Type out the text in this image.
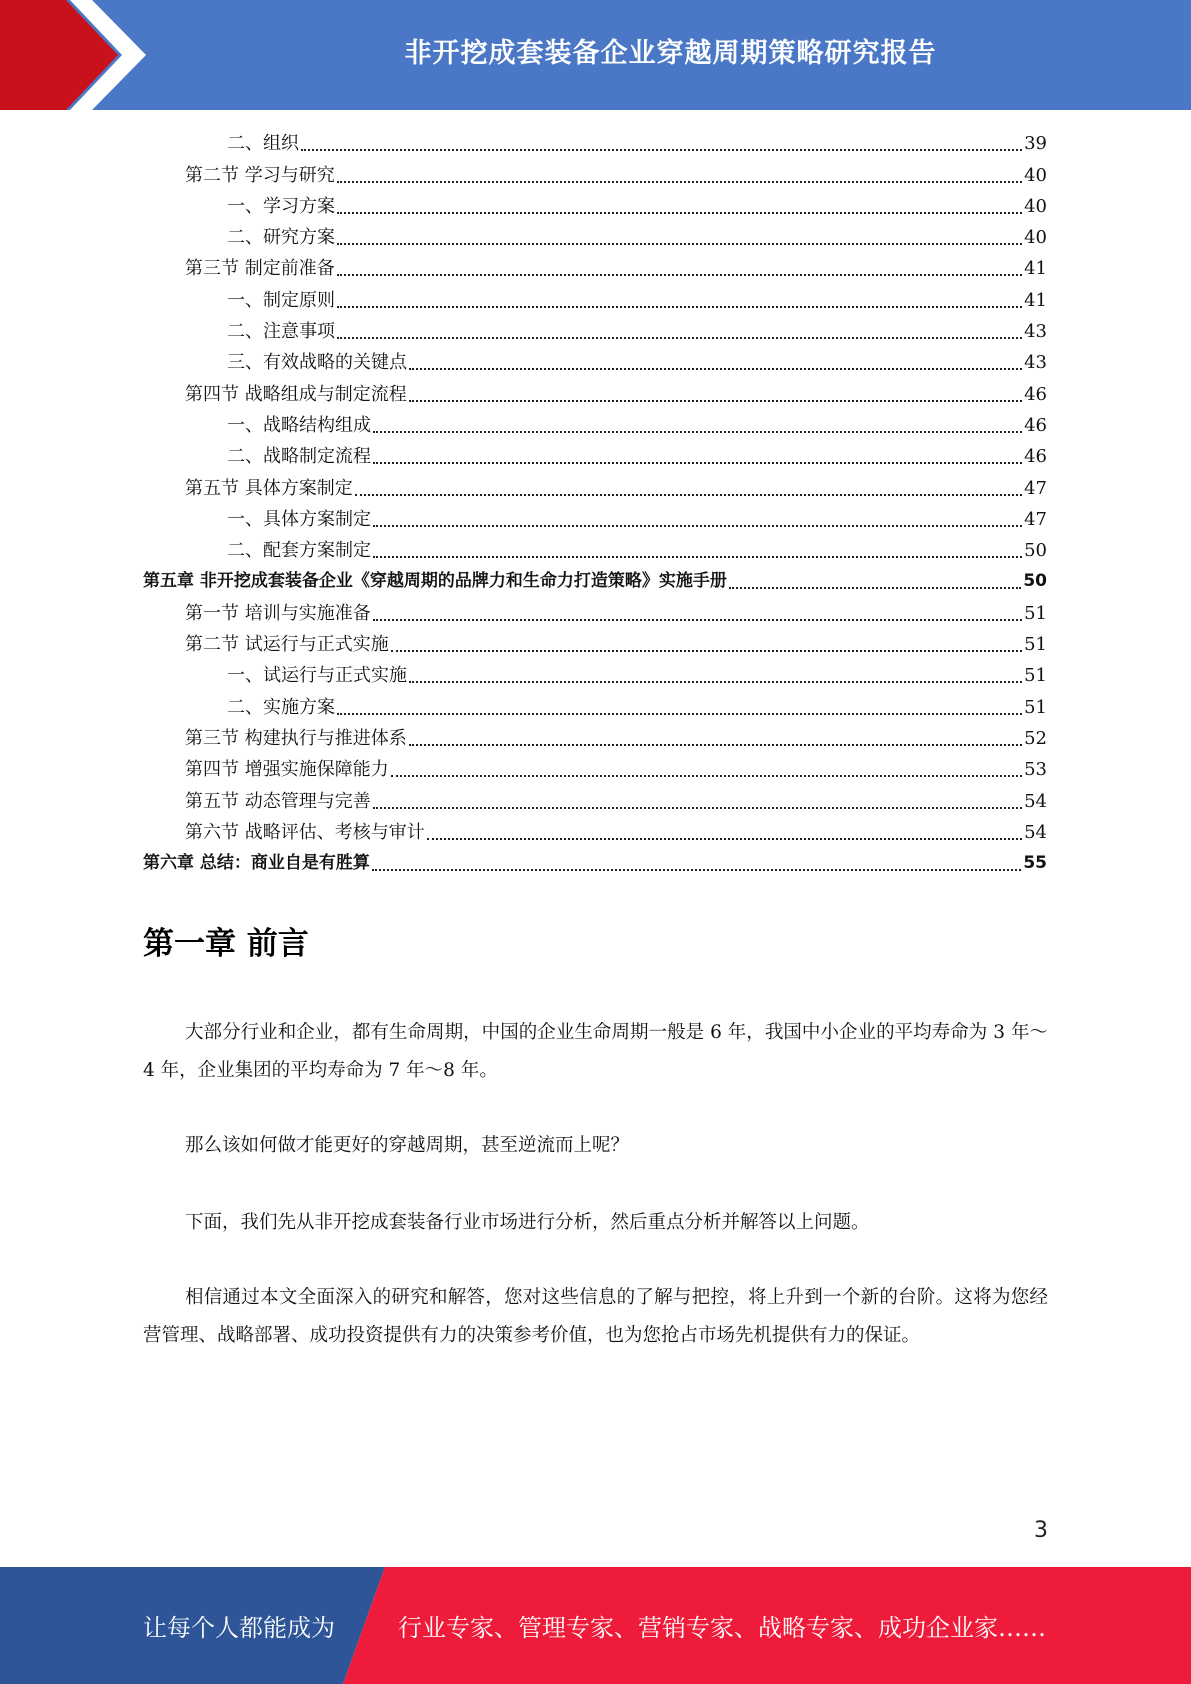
非开挖成套装备企业穿越周期策略研究报告
二、组织	39
第二节 学习与研究	40
一、学习方案	40
二、研究方案	40
第三节 制定前准备	41
一、制定原则	41
二、注意事项	43
三、有效战略的关键点	43
第四节 战略组成与制定流程	46
一、战略结构组成	46
二、战略制定流程	46
第五节 具体方案制定	47
一、具体方案制定	47
二、配套方案制定	50
第五章 非开挖成套装备企业《穿越周期的品牌力和生命力打造策略》实施手册	50
第一节 培训与实施准备	51
第二节 试运行与正式实施	51
一、试运行与正式实施	51
二、实施方案	51
第三节 构建执行与推进体系	52
第四节 增强实施保障能力	53
第五节 动态管理与完善	54
第六节 战略评估、考核与审计	54
第六章 总结：商业自是有胜算	55
第一章 前言

大部分行业和企业，都有生命周期，中国的企业生命周期一般是 6 年，我国中小企业的平均寿命为 3 年～4 年，企业集团的平均寿命为 7 年～8 年。

那么该如何做才能更好的穿越周期，甚至逆流而上呢？

下面，我们先从非开挖成套装备行业市场进行分析，然后重点分析并解答以上问题。

相信通过本文全面深入的研究和解答，您对这些信息的了解与把控，将上升到一个新的台阶。这将为您经营管理、战略部署、成功投资提供有力的决策参考价值，也为您抢占市场先机提供有力的保证。

3
让每个人都能成为	行业专家、管理专家、营销专家、战略专家、成功企业家……
